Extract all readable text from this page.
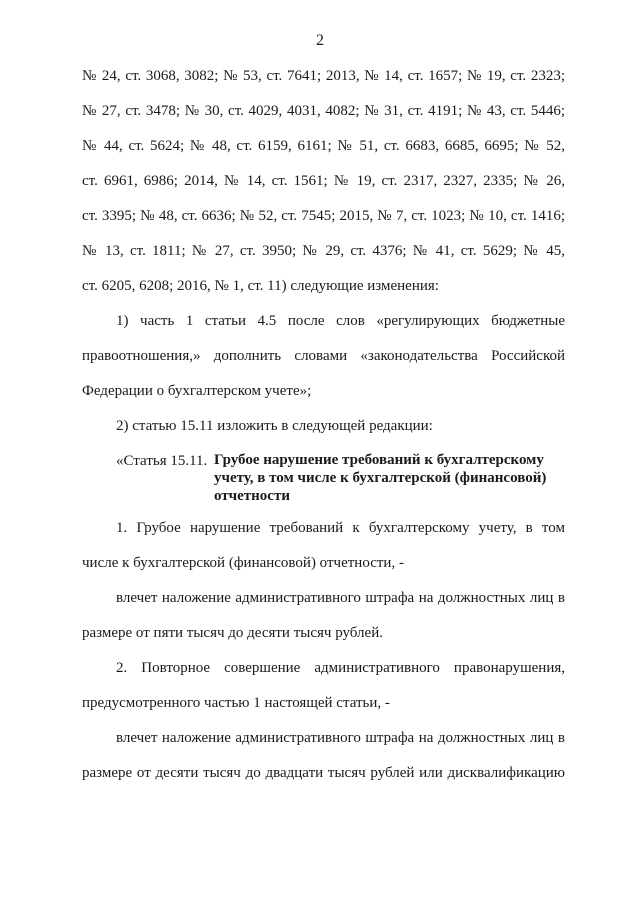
2
№ 24, ст. 3068, 3082; № 53, ст. 7641; 2013, № 14, ст. 1657; № 19, ст. 2323;
№ 27, ст. 3478; № 30, ст. 4029, 4031, 4082; № 31, ст. 4191; № 43, ст. 5446;
№ 44, ст. 5624; № 48, ст. 6159, 6161; № 51, ст. 6683, 6685, 6695; № 52,
ст. 6961, 6986; 2014, № 14, ст. 1561; № 19, ст. 2317, 2327, 2335; № 26,
ст. 3395; № 48, ст. 6636; № 52, ст. 7545; 2015, № 7, ст. 1023; № 10, ст. 1416;
№ 13, ст. 1811; № 27, ст. 3950; № 29, ст. 4376; № 41, ст. 5629; № 45,
ст. 6205, 6208; 2016, № 1, ст. 11) следующие изменения:
1) часть 1 статьи 4.5 после слов «регулирующих бюджетные
правоотношения,» дополнить словами «законодательства Российской
Федерации о бухгалтерском учете»;
2) статью 15.11 изложить в следующей редакции:
«Статья 15.11. Грубое нарушение требований к бухгалтерскому
учету, в том числе к бухгалтерской (финансовой)
отчетности
1. Грубое нарушение требований к бухгалтерскому учету, в том
числе к бухгалтерской (финансовой) отчетности, -
влечет наложение административного штрафа на должностных лиц в
размере от пяти тысяч до десяти тысяч рублей.
2. Повторное совершение административного правонарушения,
предусмотренного частью 1 настоящей статьи, -
влечет наложение административного штрафа на должностных лиц в
размере от десяти тысяч до двадцати тысяч рублей или дисквалификацию
